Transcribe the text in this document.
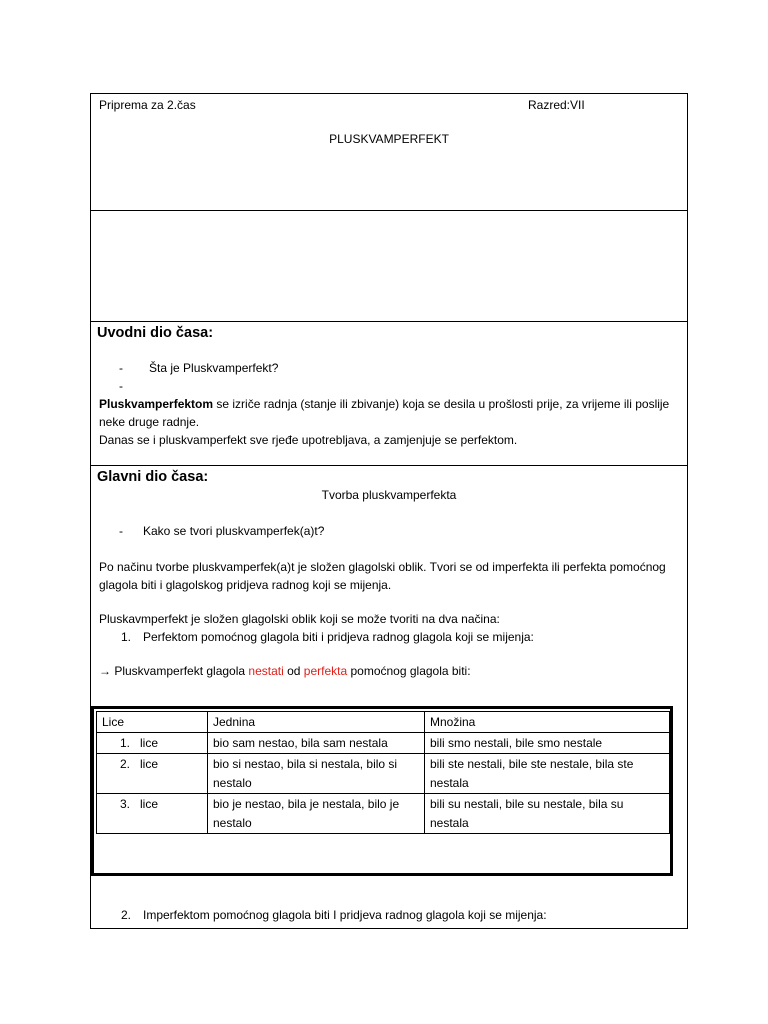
Priprema za 2.čas	Razred:VII
PLUSKVAMPERFEKT
Uvodni dio časa:
- Šta je Pluskvamperfekt?
-
Pluskvamperfektom se izriče radnja (stanje ili zbivanje) koja se desila u prošlosti prije, za vrijeme ili poslije neke druge radnje.
Danas se i pluskvamperfekt sve rjeđe upotrebljava, a zamjenjuje se perfektom.
Glavni dio časa:
Tvorba pluskvamperfekta
- Kako se tvori pluskvamperfek(a)t?
Po načinu tvorbe pluskvamperfek(a)t je složen glagolski oblik. Tvori se od imperfekta ili perfekta pomoćnog glagola biti i glagolskog pridjeva radnog koji se mijenja.
Pluskavmperfekt je složen glagolski oblik koji se može tvoriti na dva načina:
1. Perfektom pomoćnog glagola biti i pridjeva radnog glagola koji se mijenja:
→ Pluskvamperfekt glagola nestati od perfekta pomoćnog glagola biti:
Lice	Jednina	Množina
1. lice	bio sam nestao, bila sam nestala	bili smo nestali, bile smo nestale
2. lice	bio si nestao, bila si nestala, bilo si nestalo	bili ste nestali, bile ste nestale, bila ste nestala
3. lice	bio je nestao, bila je nestala, bilo je nestalo	bili su nestali, bile su nestale, bila su nestala
2. Imperfektom pomoćnog glagola biti I pridjeva radnog glagola koji se mijenja:
